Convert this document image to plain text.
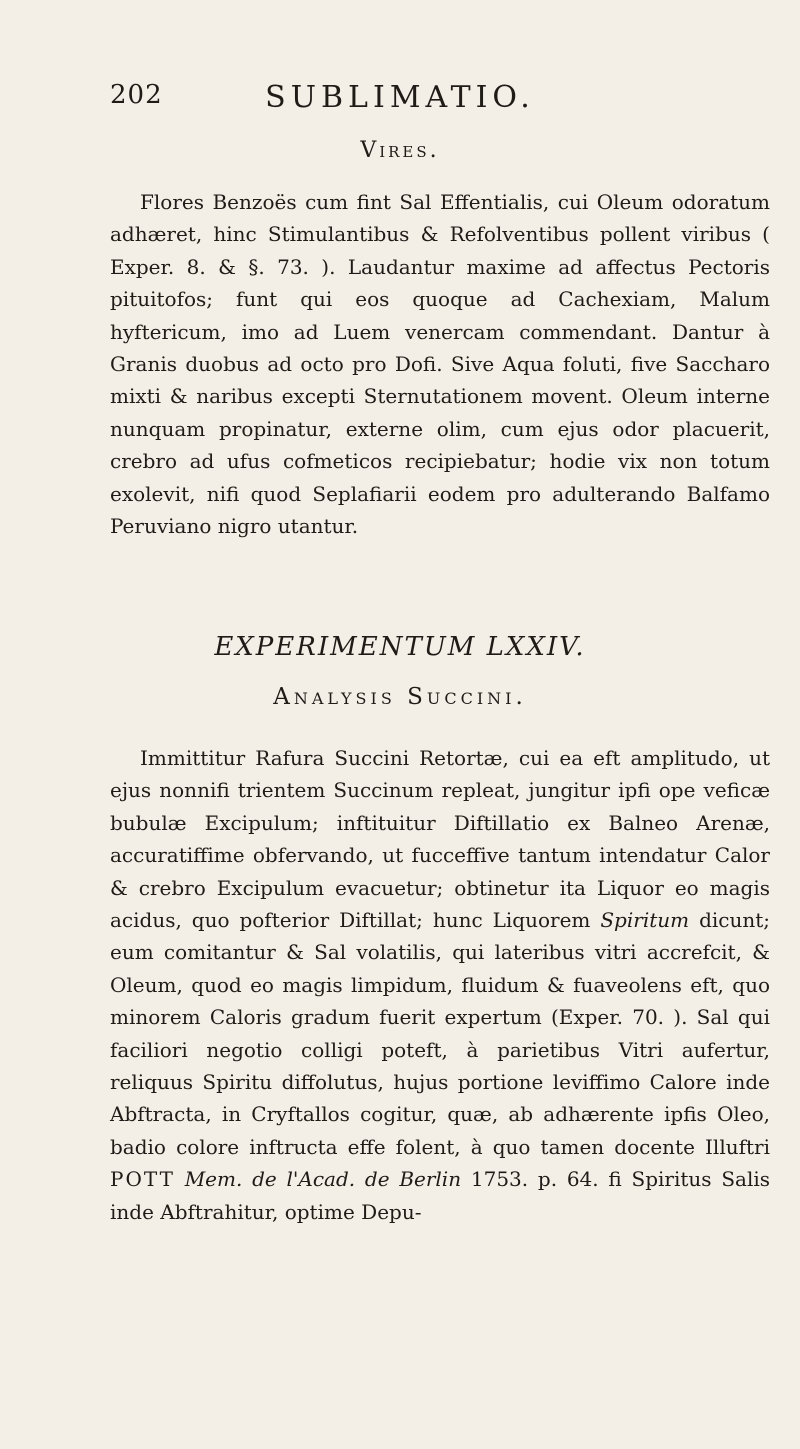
202	SUBLIMATIO.
Vires.

Flores Benzoës cum fint Sal Effentialis, cui Oleum odoratum adhæret, hinc Stimulantibus & Refolventibus pollent viribus ( Exper. 8. & §. 73. ). Laudantur maxime ad affectus Pectoris pituitofos; funt qui eos quoque ad Cachexiam, Malum hyftericum, imo ad Luem venercam commendant. Dantur à Granis duobus ad octo pro Dofi. Sive Aqua foluti, five Saccharo mixti & naribus excepti Sternutationem movent. Oleum interne nunquam propinatur, externe olim, cum ejus odor placuerit, crebro ad ufus cofmeticos recipiebatur; hodie vix non totum exolevit, nifi quod Seplafiarii eodem pro adulterando Balfamo Peruviano nigro utantur.

EXPERIMENTUM LXXIV.
Analysis Succini.

Immittitur Rafura Succini Retortæ, cui ea eft amplitudo, ut ejus nonnifi trientem Succinum repleat, jungitur ipfi ope veficæ bubulæ Excipulum; inftituitur Diftillatio ex Balneo Arenæ, accuratiffime obfervando, ut fucceffive tantum intendatur Calor & crebro Excipulum evacuetur; obtinetur ita Liquor eo magis acidus, quo pofterior Diftillat; hunc Liquorem Spiritum dicunt; eum comitantur & Sal volatilis, qui lateribus vitri accrefcit, & Oleum, quod eo magis limpidum, fluidum & fuaveolens eft, quo minorem Caloris gradum fuerit expertum (Exper. 70. ). Sal qui faciliori negotio colligi poteft, à parietibus Vitri aufertur, reliquus Spiritu diffolutus, hujus portione leviffimo Calore inde Abftracta, in Cryftallos cogitur, quæ, ab adhærente ipfis Oleo, badio colore inftructa effe folent, à quo tamen docente Illuftri POTT Mem. de l'Acad. de Berlin 1753. p. 64. fi Spiritus Salis inde Abftrahitur, optime Depu-
